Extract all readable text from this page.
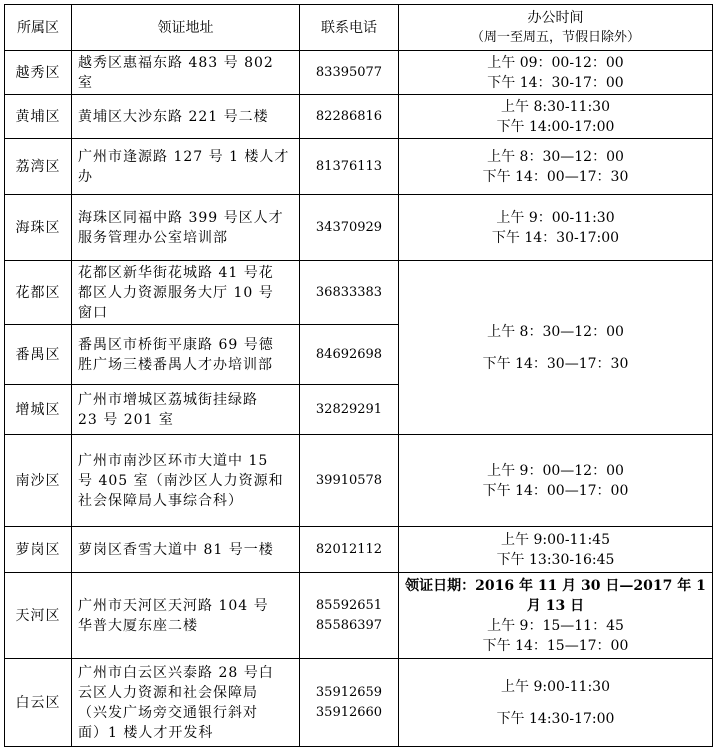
所属区	领证地址	联系电话	办公时间
（周一至周五，节假日除外）

越秀区	越秀区惠福东路 483 号 802 室	83395077	上午 09：00-12：00
下午 14：30-17：00

黄埔区	黄埔区大沙东路 221 号二楼	82286816	上午 8:30-11:30
下午 14:00-17:00

荔湾区	广州市逢源路 127 号 1 楼人才
办	81376113	上午 8：30—12：00
下午 14：00—17：30

海珠区	海珠区同福中路 399 号区人才
服务管理办公室培训部	34370929	上午 9：00-11:30
下午 14：30-17:00

花都区	花都区新华街花城路 41 号花
都区人力资源服务大厅 10 号
窗口	36833383	上午 8：30—12：00
下午 14：30—17：30

番禺区	番禺区市桥街平康路 69 号德
胜广场三楼番禺人才办培训部	84692698	

增城区	广州市增城区荔城街挂绿路
23 号 201 室	32829291	

南沙区	广州市南沙区环市大道中 15
号 405 室（南沙区人力资源和
社会保障局人事综合科）	39910578	上午 9：00—12：00
下午 14：00—17：00

萝岗区	萝岗区香雪大道中 81 号一楼	82012112	上午 9:00-11:45
下午 13:30-16:45

天河区	广州市天河区天河路 104 号
华普大厦东座二楼	85592651
85586397	领证日期：2016 年 11 月 30 日—2017 年 1
月 13 日
上午 9：15—11：45
下午 14：15—17：00

白云区	广州市白云区兴泰路 28 号白
云区人力资源和社会保障局
（兴发广场旁交通银行斜对
面）1 楼人才开发科	35912659
35912660	上午 9:00-11:30
下午 14:30-17:00
